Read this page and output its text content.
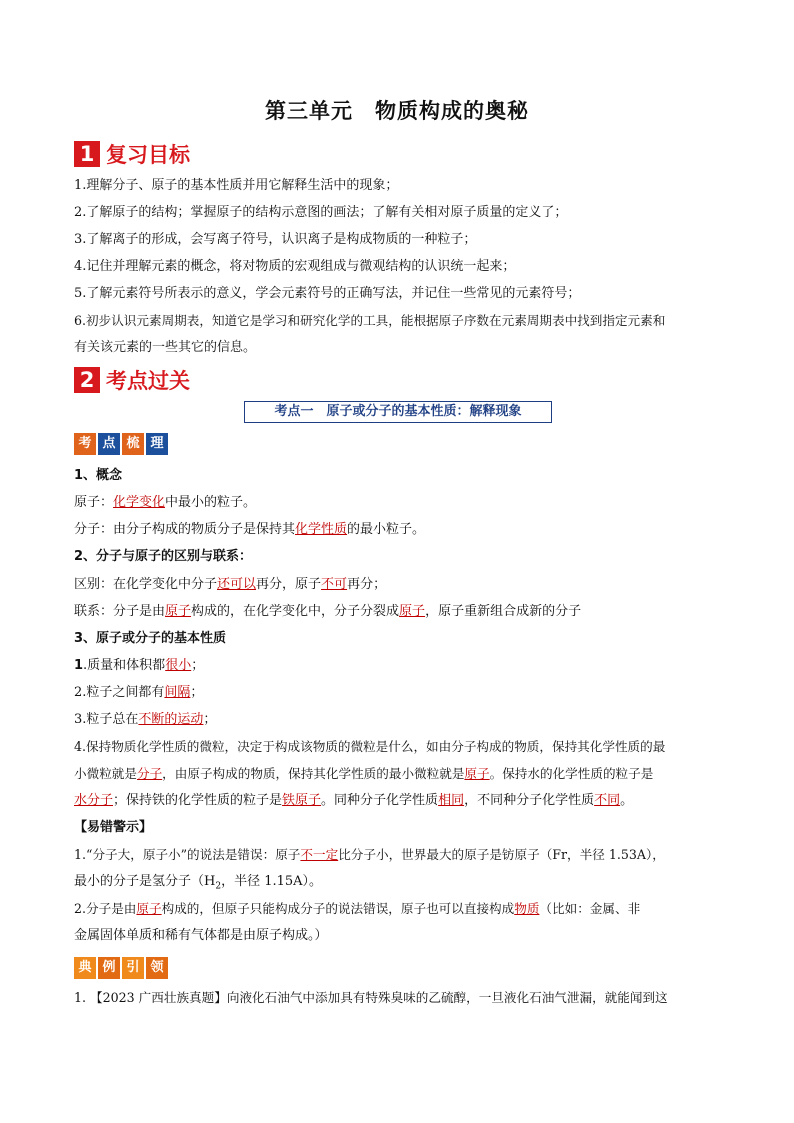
第三单元　物质构成的奥秘
1 复习目标
1.理解分子、原子的基本性质并用它解释生活中的现象；
2.了解原子的结构；掌握原子的结构示意图的画法；了解有关相对原子质量的定义了；
3.了解离子的形成，会写离子符号，认识离子是构成物质的一种粒子；
4.记住并理解元素的概念，将对物质的宏观组成与微观结构的认识统一起来；
5.了解元素符号所表示的意义，学会元素符号的正确写法，并记住一些常见的元素符号；
6.初步认识元素周期表，知道它是学习和研究化学的工具，能根据原子序数在元素周期表中找到指定元素和
有关该元素的一些其它的信息。
2 考点过关
考点一　原子或分子的基本性质：解释现象
考 点 梳 理
1、概念
原子：化学变化中最小的粒子。
分子：由分子构成的物质分子是保持其化学性质的最小粒子。
2、分子与原子的区别与联系：
区别：在化学变化中分子还可以再分，原子不可再分；
联系：分子是由原子构成的，在化学变化中，分子分裂成原子，原子重新组合成新的分子
3、原子或分子的基本性质
1.质量和体积都很小；
2.粒子之间都有间隔；
3.粒子总在不断的运动；
4.保持物质化学性质的微粒，决定于构成该物质的微粒是什么，如由分子构成的物质，保持其化学性质的最
小微粒就是分子，由原子构成的物质，保持其化学性质的最小微粒就是原子。保持水的化学性质的粒子是
水分子；保持铁的化学性质的粒子是铁原子。同种分子化学性质相同，不同种分子化学性质不同。
【易错警示】
1.“分子大，原子小”的说法是错误：原子不一定比分子小，世界最大的原子是钫原子（Fr，半径 1.53A），
最小的分子是氢分子（$H_2$，半径 1.15A）。
2.分子是由原子构成的，但原子只能构成分子的说法错误，原子也可以直接构成物质（比如：金属、非
金属固体单质和稀有气体都是由原子构成。）
典 例 引 领
1. 【2023 广西壮族真题】向液化石油气中添加具有特殊臭味的乙硫醇，一旦液化石油气泄漏，就能闻到这
